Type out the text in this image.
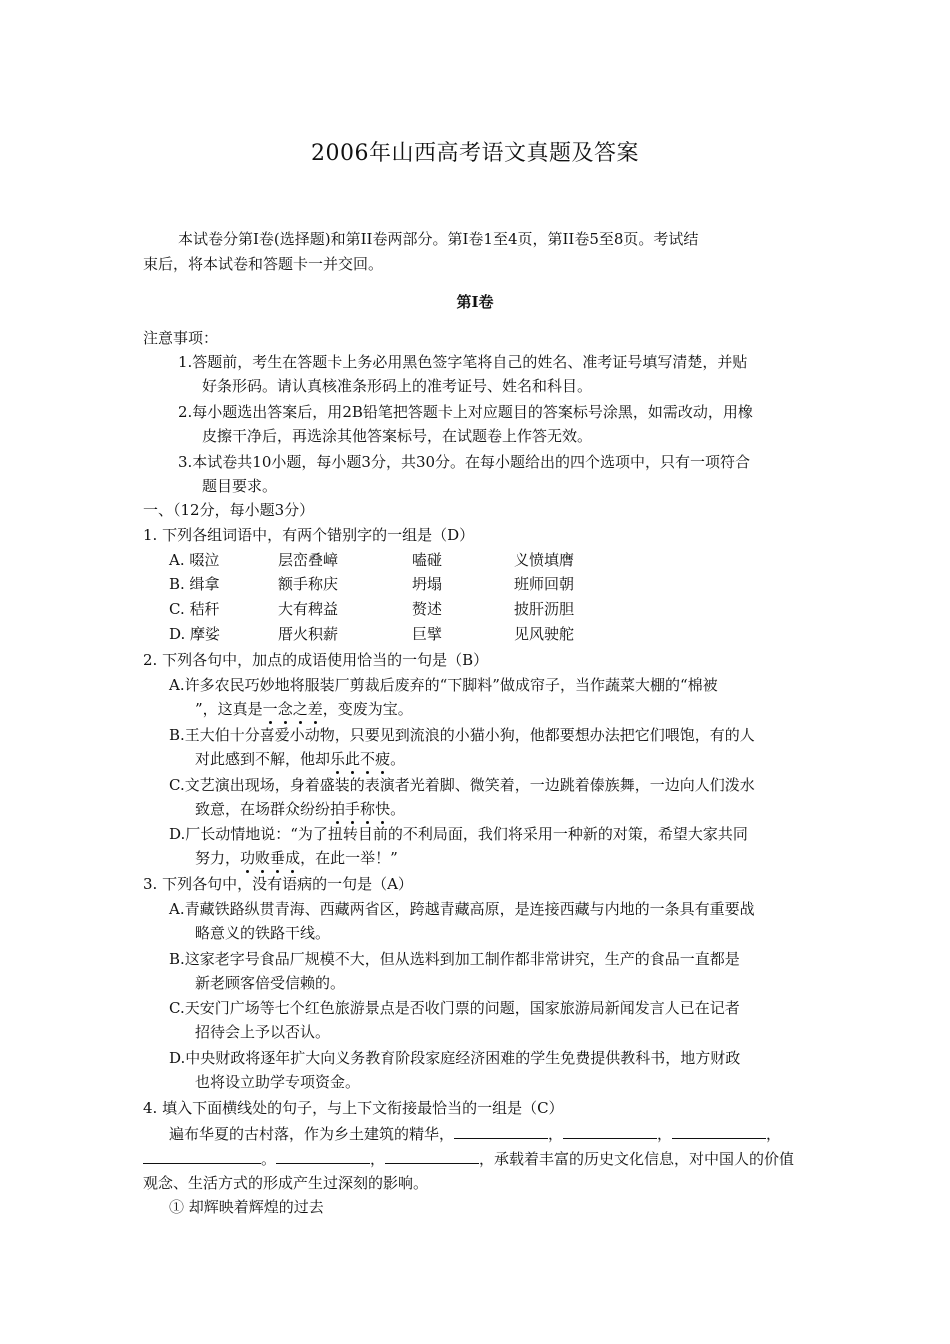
2006年山西高考语文真题及答案
本试卷分第I卷(选择题)和第II卷两部分。第I卷1至4页，第II卷5至8页。考试结
束后，将本试卷和答题卡一并交回。
第I卷
注意事项：
1.答题前，考生在答题卡上务必用黑色签字笔将自己的姓名、准考证号填写清楚，并贴
好条形码。请认真核准条形码上的准考证号、姓名和科目。
2.每小题选出答案后，用2B铅笔把答题卡上对应题目的答案标号涂黑，如需改动，用橡
皮擦干净后，再选涂其他答案标号，在试题卷上作答无效。
3.本试卷共10小题，每小题3分，共30分。在每小题给出的四个选项中，只有一项符合
题目要求。
一、（12分，每小题3分）
1. 下列各组词语中，有两个错别字的一组是（D）
A. 啜泣	层峦叠嶂	嗑碰	义愤填膺
B. 缉拿	额手称庆	坍塌	班师回朝
C. 秸秆	大有稗益	赘述	披肝沥胆
D. 摩娑	厝火积薪	巨擘	见风驶舵
2. 下列各句中，加点的成语使用恰当的一句是（B）
A.许多农民巧妙地将服装厂剪裁后废弃的“下脚料”做成帘子，当作蔬菜大棚的“棉被
”，这真是一念之差，变废为宝。
B.王大伯十分喜爱小动物，只要见到流浪的小猫小狗，他都要想办法把它们喂饱，有的人
对此感到不解，他却乐此不疲。
C.文艺演出现场，身着盛装的表演者光着脚、微笑着，一边跳着傣族舞，一边向人们泼水
致意，在场群众纷纷拍手称快。
D.厂长动情地说：“为了扭转目前的不利局面，我们将采用一种新的对策，希望大家共同
努力，功败垂成，在此一举！”
3. 下列各句中，没有语病的一句是（A）
A.青藏铁路纵贯青海、西藏两省区，跨越青藏高原，是连接西藏与内地的一条具有重要战
略意义的铁路干线。
B.这家老字号食品厂规模不大，但从选料到加工制作都非常讲究，生产的食品一直都是
新老顾客倍受信赖的。
C.天安门广场等七个红色旅游景点是否收门票的问题，国家旅游局新闻发言人已在记者
招待会上予以否认。
D.中央财政将逐年扩大向义务教育阶段家庭经济困难的学生免费提供教科书，地方财政
也将设立助学专项资金。
4. 填入下面横线处的句子，与上下文衔接最恰当的一组是（C）
遍布华夏的古村落，作为乡土建筑的精华，	，	，	，
。	，	，承载着丰富的历史文化信息，对中国人的价值
观念、生活方式的形成产生过深刻的影响。
① 却辉映着辉煌的过去
